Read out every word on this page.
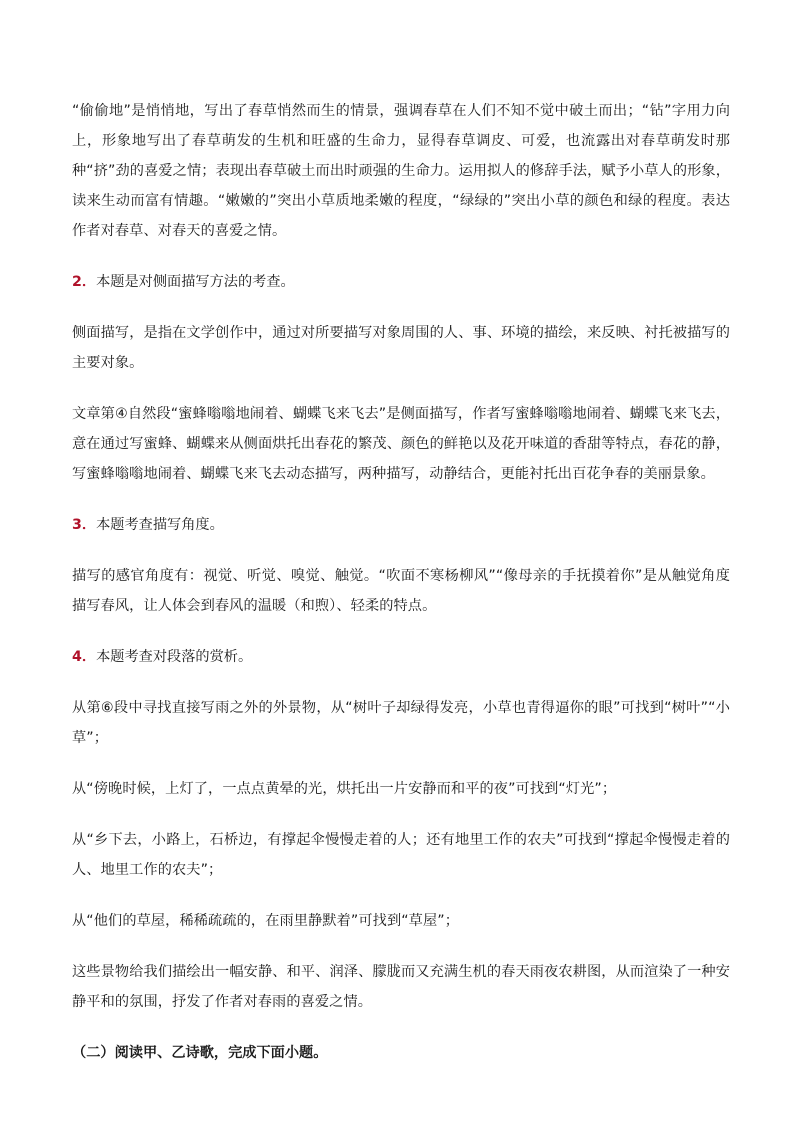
“偷偷地”是悄悄地，写出了春草悄然而生的情景，强调春草在人们不知不觉中破土而出；“钻”字用力向上，形象地写出了春草萌发的生机和旺盛的生命力，显得春草调皮、可爱，也流露出对春草萌发时那种“挤”劲的喜爱之情；表现出春草破土而出时顽强的生命力。运用拟人的修辞手法，赋予小草人的形象，读来生动而富有情趣。“嫩嫩的”突出小草质地柔嫩的程度，“绿绿的”突出小草的颜色和绿的程度。表达作者对春草、对春天的喜爱之情。

2．本题是对侧面描写方法的考查。

侧面描写，是指在文学创作中，通过对所要描写对象周围的人、事、环境的描绘，来反映、衬托被描写的主要对象。

文章第④自然段“蜜蜂嗡嗡地闹着、蝴蝶飞来飞去”是侧面描写，作者写蜜蜂嗡嗡地闹着、蝴蝶飞来飞去，意在通过写蜜蜂、蝴蝶来从侧面烘托出春花的繁茂、颜色的鲜艳以及花开味道的香甜等特点，春花的静，写蜜蜂嗡嗡地闹着、蝴蝶飞来飞去动态描写，两种描写，动静结合，更能衬托出百花争春的美丽景象。

3．本题考查描写角度。

描写的感官角度有：视觉、听觉、嗅觉、触觉。“吹面不寒杨柳风”“像母亲的手抚摸着你”是从触觉角度描写春风，让人体会到春风的温暖（和煦）、轻柔的特点。

4．本题考查对段落的赏析。

从第⑥段中寻找直接写雨之外的外景物，从“树叶子却绿得发亮，小草也青得逼你的眼”可找到“树叶”“小草”；

从“傍晚时候，上灯了，一点点黄晕的光，烘托出一片安静而和平的夜”可找到“灯光”；

从“乡下去，小路上，石桥边，有撑起伞慢慢走着的人；还有地里工作的农夫”可找到“撑起伞慢慢走着的人、地里工作的农夫”；

从“他们的草屋，稀稀疏疏的，在雨里静默着”可找到“草屋”；

这些景物给我们描绘出一幅安静、和平、润泽、朦胧而又充满生机的春天雨夜农耕图，从而渲染了一种安静平和的氛围，抒发了作者对春雨的喜爱之情。

（二）阅读甲、乙诗歌，完成下面小题。
